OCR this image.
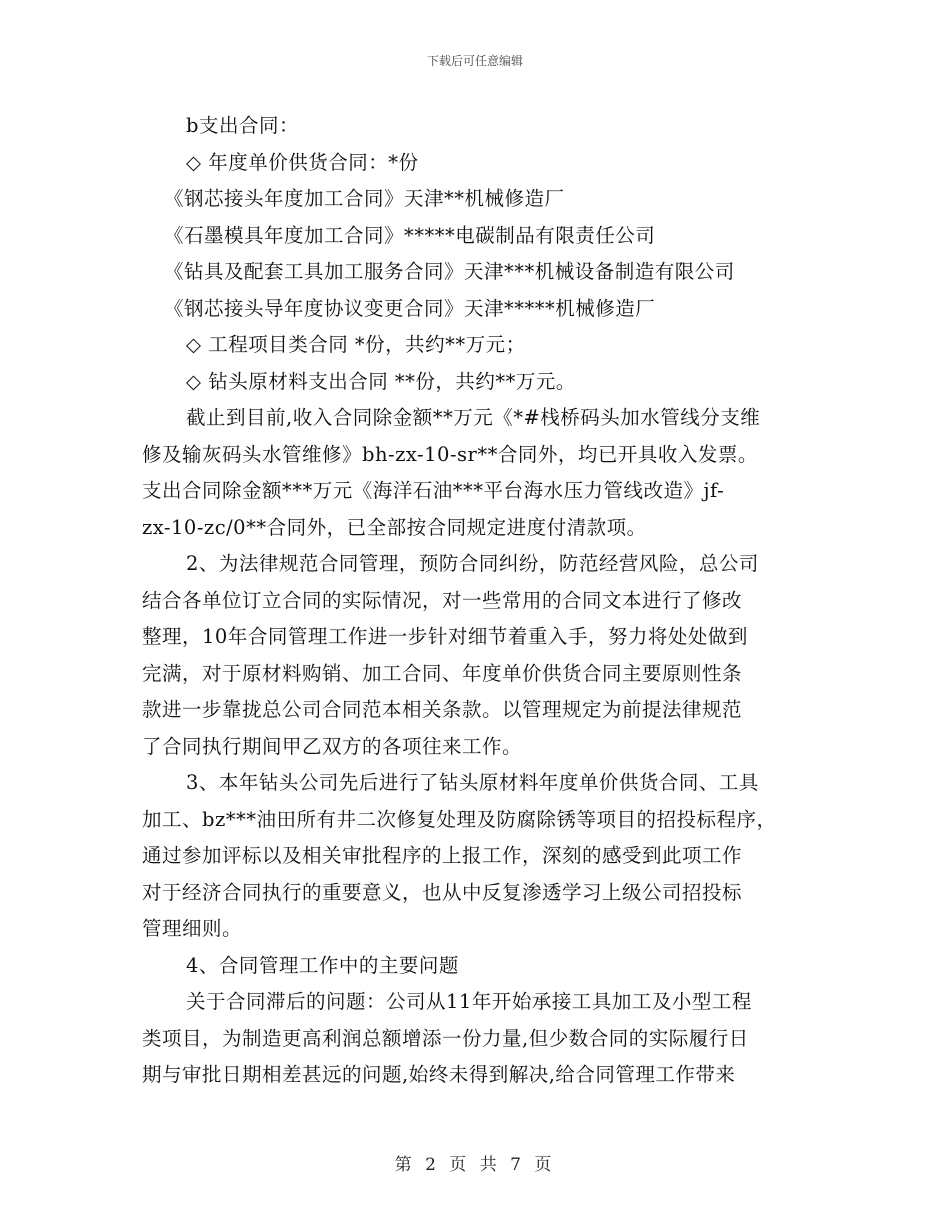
下载后可任意编辑
b支出合同：
◇ 年度单价供货合同：*份
《钢芯接头年度加工合同》天津**机械修造厂
《石墨模具年度加工合同》*****电碳制品有限责任公司
《钻具及配套工具加工服务合同》天津***机械设备制造有限公司
《钢芯接头导年度协议变更合同》天津*****机械修造厂
◇ 工程项目类合同 *份，共约**万元；
◇ 钻头原材料支出合同 **份，共约**万元。
截止到目前,收入合同除金额**万元《*#栈桥码头加水管线分支维
修及输灰码头水管维修》bh-zx-10-sr**合同外，均已开具收入发票。
支出合同除金额***万元《海洋石油***平台海水压力管线改造》jf-
zx-10-zc/0**合同外，已全部按合同规定进度付清款项。
2、为法律规范合同管理，预防合同纠纷，防范经营风险，总公司
结合各单位订立合同的实际情况，对一些常用的合同文本进行了修改
整理，10年合同管理工作进一步针对细节着重入手，努力将处处做到
完满，对于原材料购销、加工合同、年度单价供货合同主要原则性条
款进一步靠拢总公司合同范本相关条款。以管理规定为前提法律规范
了合同执行期间甲乙双方的各项往来工作。
3、本年钻头公司先后进行了钻头原材料年度单价供货合同、工具
加工、bz***油田所有井二次修复处理及防腐除锈等项目的招投标程序，
通过参加评标以及相关审批程序的上报工作，深刻的感受到此项工作
对于经济合同执行的重要意义，也从中反复渗透学习上级公司招投标
管理细则。
4、合同管理工作中的主要问题
关于合同滞后的问题：公司从11年开始承接工具加工及小型工程
类项目，为制造更高利润总额增添一份力量,但少数合同的实际履行日
期与审批日期相差甚远的问题,始终未得到解决,给合同管理工作带来
第 2 页 共 7 页
